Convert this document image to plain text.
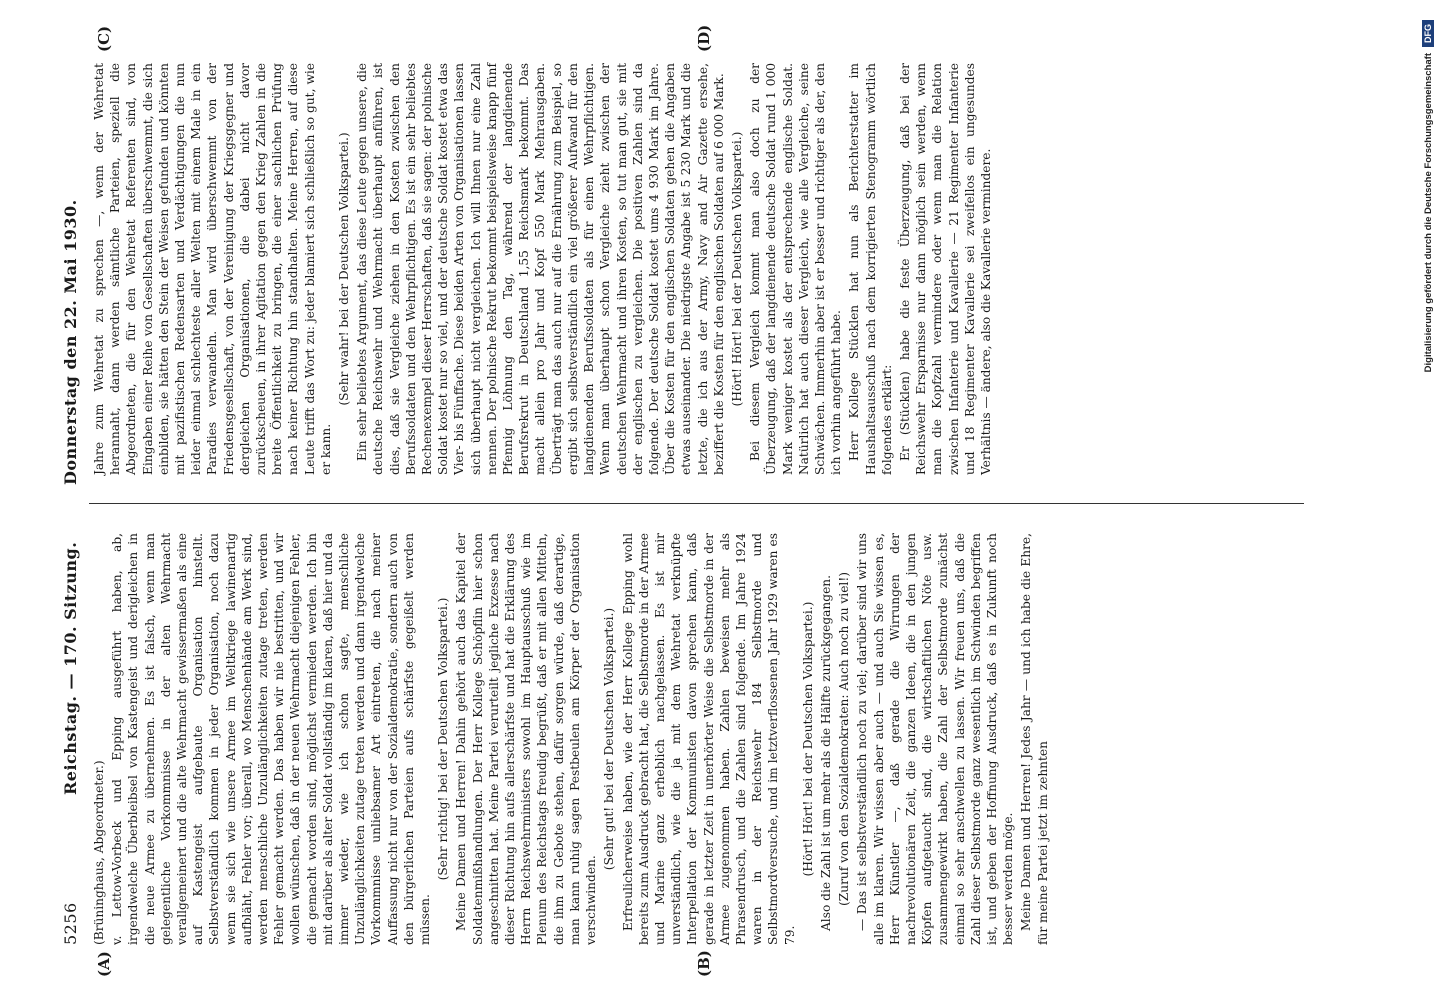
5256
Reichstag. — 170. Sitzung.
Donnerstag den 22. Mai 1930.

(Brüninghaus, Abgeordneter.) v. Lettow-Vorbeck und Epping ausgeführt haben, ab, irgendwelche Überbleibsel von Kastengeist und derigleichen in die neue Armee zu übernehmen. Es ist falsch, wenn man gelegentliche Vorkommnisse in der alten Wehrmacht verallgemeinert und die alte Wehrmacht gewissermaßen als eine auf Kastengeist aufgebaute Organisation hinstellt. Selbstverständlich kommen in jeder Organisation, noch dazu wenn sie sich wie unsere Armee im Weltkriege lawinenartig aufbläht, Fehler vor; überall, wo Menschenhände am Werk sind, werden menschliche Unzulänglichkeiten zutage treten, werden Fehler gemacht werden. Das haben wir nie bestritten, und wir wollen wünschen, daß in der neuen Wehrmacht diejenigen Fehler, die gemacht worden sind, möglichst vermieden werden. Ich bin mit darüber als alter Soldat vollständig im klaren, daß hier und da immer wieder, wie ich schon sagte, menschliche Unzulänglichkeiten zutage treten werden und dann irgendwelche Vorkommnisse unliebsamer Art eintreten, die nach meiner Auffassung nicht nur von der Sozialdemokratie, sondern auch von den bürgerlichen Parteien aufs schärfste gegeißelt werden müssen.

(Sehr richtig! bei der Deutschen Volkspartei.) Meine Damen und Herren! Dahin gehört auch das Kapitel der Soldatenmißhandlungen. Der Herr Kollege Schöpflin hier schon angeschnitten hat. Meine Partei verurteilt jegliche Exzesse nach dieser Richtung hin aufs allerschärfste und hat die Erklärung des Herrn Reichswehrministers sowohl im Hauptausschuß wie im Plenum des Reichstags freudig begrüßt, daß er mit allen Mitteln, die ihm zu Gebote stehen, dafür sorgen würde, daß derartige, man kann ruhig sagen Pestbeulen am Körper der Organisation verschwinden.

(Sehr gut! bei der Deutschen Volkspartei.) Erfreulicherweise haben, wie der Herr Kollege Epping wohl bereits zum Ausdruck gebracht hat, die Selbstmorde in der Armee und Marine ganz erheblich nachgelassen. Es ist mir unverständlich, wie die ja mit dem Wehretat verknüpfte Interpellation der Kommunisten davon sprechen kann, daß gerade in letzter Zeit in unerhörter Weise die Selbstmorde in der Armee zugenommen haben. Zahlen beweisen mehr als Phrasendrusch, und die Zahlen sind folgende. Im Jahre 1924 waren in der Reichswehr 184 Selbstmorde und Selbstmordversuche, und im letztverflossenen Jahr 1929 waren es 79.

(Hört! Hört! bei der Deutschen Volkspartei.) Also die Zahl ist um mehr als die Hälfte zurückgegangen. (Zuruf von den Sozialdemokraten: Auch noch zu viel!) — Das ist selbstverständlich noch zu viel; darüber sind wir uns alle im klaren. Wir wissen aber auch — und auch Sie wissen es, Herr Künstler —, daß gerade die Wirrungen der nachrevolutionären Zeit, die ganzen Ideen, die in den jungen Köpfen aufgetaucht sind, die wirtschaftlichen Nöte usw. zusammengewirkt haben, die Zahl der Selbstmorde zunächst einmal so sehr anschwellen zu lassen. Wir freuen uns, daß die Zahl dieser Selbstmorde ganz wesentlich im Schwinden begriffen ist, und geben der Hoffnung Ausdruck, daß es in Zukunft noch besser werden möge. Meine Damen und Herren! Jedes Jahr — und ich habe die Ehre, für meine Partei jetzt im zehnten

Jahre zum Wehretat zu sprechen —, wenn der Wehretat herannaht, dann werden sämtliche Parteien, speziell die Abgeordneten, die für den Wehretat Referenten sind, von Eingaben einer Reihe von Gesellschaften überschwemmt, die sich einbilden, sie hätten den Stein der Weisen gefunden und könnten mit pazifistischen Redensarten und Verdächtigungen die nun leider einmal schlechteste aller Welten mit einem Male in ein Paradies verwandeln. Man wird überschwemmt von der Friedensgesellschaft, von der Vereinigung der Kriegsgegner und dergleichen Organisationen, die dabei nicht davor zurückscheuen, in ihrer Agitation gegen den Krieg Zahlen in die breite Öffentlichkeit zu bringen, die einer sachlichen Prüfung nach keiner Richtung hin standhalten. Meine Herren, auf diese Leute trifft das Wort zu: jeder blamiert sich schließlich so gut, wie er kann.

(Sehr wahr! bei der Deutschen Volkspartei.) Ein sehr beliebtes Argument, das diese Leute gegen unsere, die deutsche Reichswehr und Wehrmacht überhaupt anführen, ist dies, daß sie Vergleiche ziehen in den Kosten zwischen den Berufssoldaten und den Wehrpflichtigen. Es ist ein sehr beliebtes Rechenexempel dieser Herrschaften, daß sie sagen: der polnische Soldat kostet nur so viel, und der deutsche Soldat kostet etwa das Vier- bis Fünffache. Diese beiden Arten von Organisationen lassen sich überhaupt nicht vergleichen. Ich will Ihnen nur eine Zahl nennen. Der polnische Rekrut bekommt beispielsweise knapp fünf Pfennig Löhnung den Tag, während der langdienende Berufsrekrut in Deutschland 1,55 Reichsmark bekommt. Das macht allein pro Jahr und Kopf 550 Mark Mehrausgaben. Überträgt man das auch nur auf die Ernährung zum Beispiel, so ergibt sich selbstverständlich ein viel größerer Aufwand für den langdienenden Berufssoldaten als für einen Wehrpflichtigen. Wenn man überhaupt schon Vergleiche zieht zwischen der deutschen Wehrmacht und ihren Kosten, so tut man gut, sie mit der englischen zu vergleichen. Die positiven Zahlen sind da folgende. Der deutsche Soldat kostet ums 4 930 Mark im Jahre. Über die Kosten für den englischen Soldaten gehen die Angaben etwas auseinander. Die niedrigste Angabe ist 5 230 Mark und die letzte, die ich aus der Army, Navy and Air Gazette ersehe, beziffert die Kosten für den englischen Soldaten auf 6 000 Mark. (Hört! Hört! bei der Deutschen Volkspartei.) Bei diesem Vergleich kommt man also doch zu der Überzeugung, daß der langdienende deutsche Soldat rund 1 000 Mark weniger kostet als der entsprechende englische Soldat. Natürlich hat auch dieser Vergleich, wie alle Vergleiche, seine Schwächen. Immerhin aber ist er besser und richtiger als der, den ich vorhin angeführt habe. Herr Kollege Stücklen hat nun als Berichterstatter im Haushaltsausschuß nach dem korrigierten Stenogramm wörtlich folgendes erklärt: Er (Stücklen) habe die feste Überzeugung, daß bei der Reichswehr Ersparnisse nur dann möglich sein werden, wenn man die Kopfzahl vermindere oder wenn man die Relation zwischen Infanterie und Kavallerie — 21 Regimenter Infanterie und 18 Regimenter Kavallerie sei zweifellos ein ungesundes Verhältnis — ändere, also die Kavallerie vermindere.

(A)	(B)
(C)	(D)
Digitalisierung gefördert durch die Deutsche Forschungsgemeinschaft
DFG
